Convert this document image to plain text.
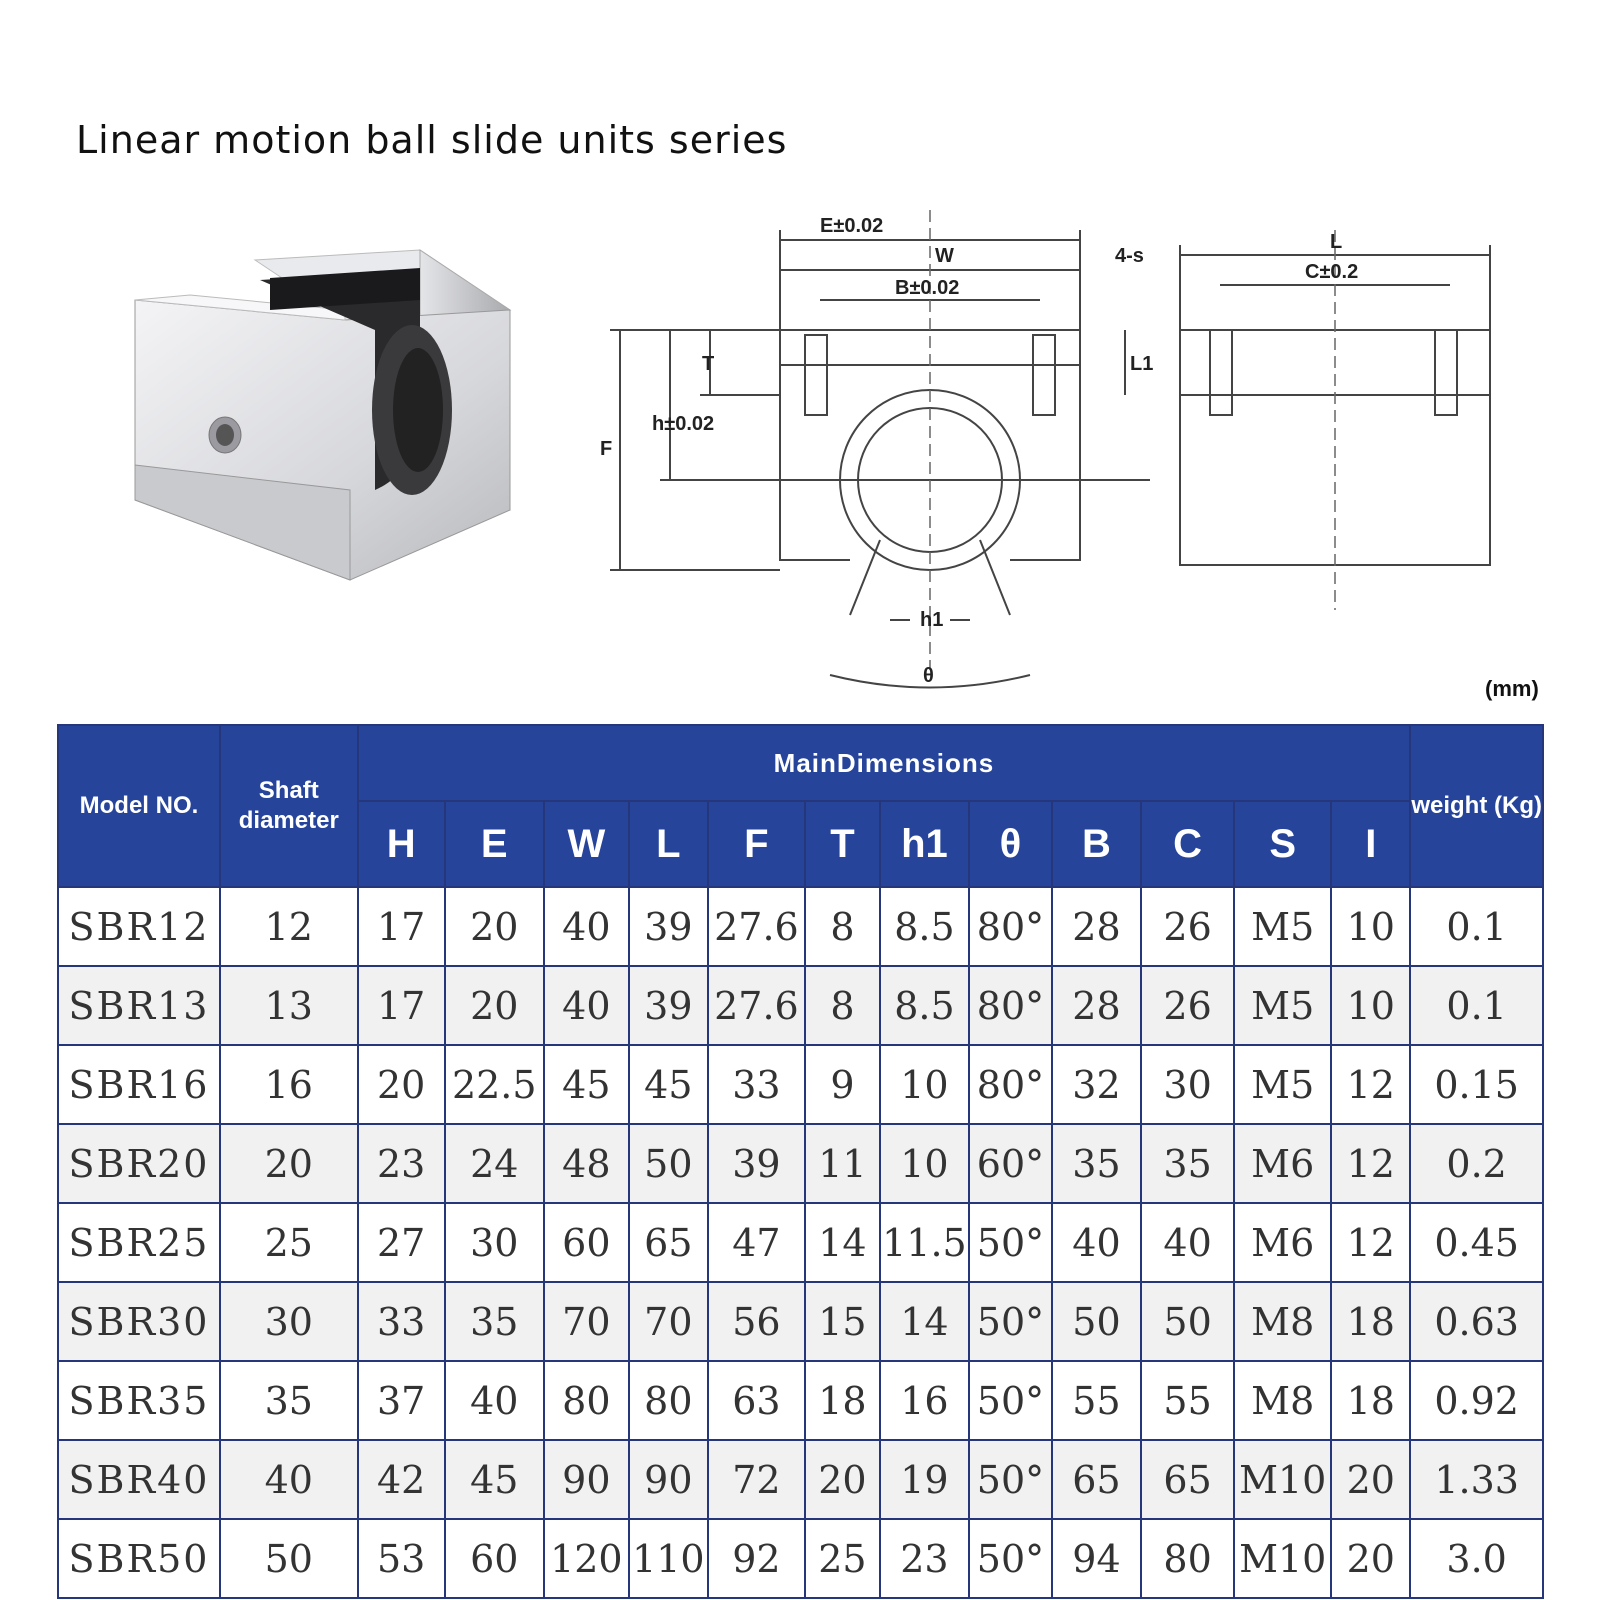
Linear motion ball slide units series
E±0.02
W
B±0.02
4-s
L
C±0.2
T
h±0.02
F
L1
h1
θ	(mm)
Model NO.	Shaft diameter	MainDimensions												weight (Kg)
		H	E	W	L	F	T	h1	θ	B	C	S	I	
SBR12	12	17	20	40	39	27.6	8	8.5	80°	28	26	M5	10	0.1
SBR13	13	17	20	40	39	27.6	8	8.5	80°	28	26	M5	10	0.1
SBR16	16	20	22.5	45	45	33	9	10	80°	32	30	M5	12	0.15
SBR20	20	23	24	48	50	39	11	10	60°	35	35	M6	12	0.2
SBR25	25	27	30	60	65	47	14	11.5	50°	40	40	M6	12	0.45
SBR30	30	33	35	70	70	56	15	14	50°	50	50	M8	18	0.63
SBR35	35	37	40	80	80	63	18	16	50°	55	55	M8	18	0.92
SBR40	40	42	45	90	90	72	20	19	50°	65	65	M10	20	1.33
SBR50	50	53	60	120	110	92	25	23	50°	94	80	M10	20	3.0
